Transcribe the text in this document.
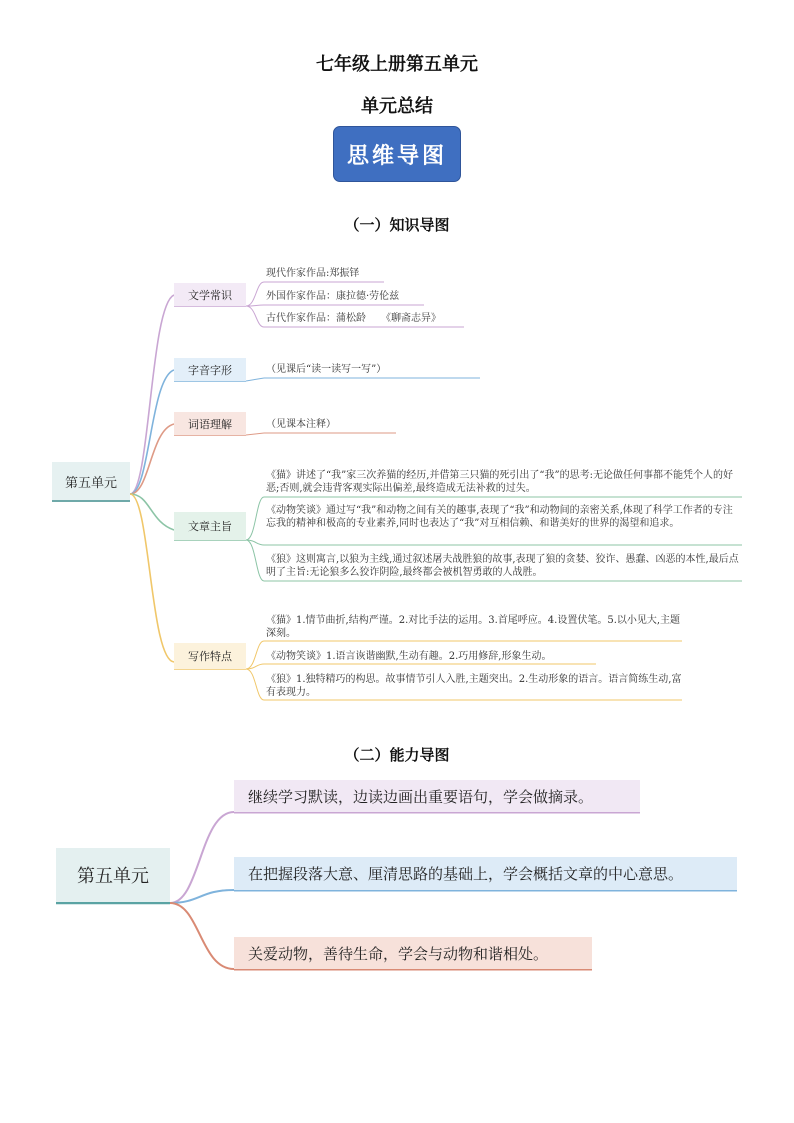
七年级上册第五单元
单元总结
思维导图
（一）知识导图
第五单元
文学常识
字音字形
词语理解
文章主旨
写作特点
现代作家作品:郑振铎
外国作家作品：康拉德·劳伦兹
古代作家作品：蒲松龄　　《聊斋志异》
（见课后“读一读写一写”）
（见课本注释）
《猫》讲述了“我”家三次养猫的经历,并借第三只猫的死引出了“我”的思考:无论做任何事都不能凭个人的好恶;否则,就会违背客观实际出偏差,最终造成无法补救的过失。
《动物笑谈》通过写“我”和动物之间有关的趣事,表现了“我”和动物间的亲密关系,体现了科学工作者的专注忘我的精神和极高的专业素养,同时也表达了“我”对互相信赖、和谐美好的世界的渴望和追求。
《狼》这则寓言,以狼为主线,通过叙述屠夫战胜狼的故事,表现了狼的贪婪、狡诈、愚蠢、凶恶的本性,最后点明了主旨:无论狼多么狡诈阴险,最终都会被机智勇敢的人战胜。
《猫》1.情节曲折,结构严谨。2.对比手法的运用。3.首尾呼应。4.设置伏笔。5.以小见大,主题深刻。
《动物笑谈》1.语言诙谐幽默,生动有趣。2.巧用修辞,形象生动。
《狼》1.独特精巧的构思。故事情节引人入胜,主题突出。2.生动形象的语言。语言简练生动,富有表现力。
（二）能力导图
第五单元
继续学习默读，边读边画出重要语句，学会做摘录。
在把握段落大意、厘清思路的基础上，学会概括文章的中心意思。
关爱动物，善待生命，学会与动物和谐相处。
